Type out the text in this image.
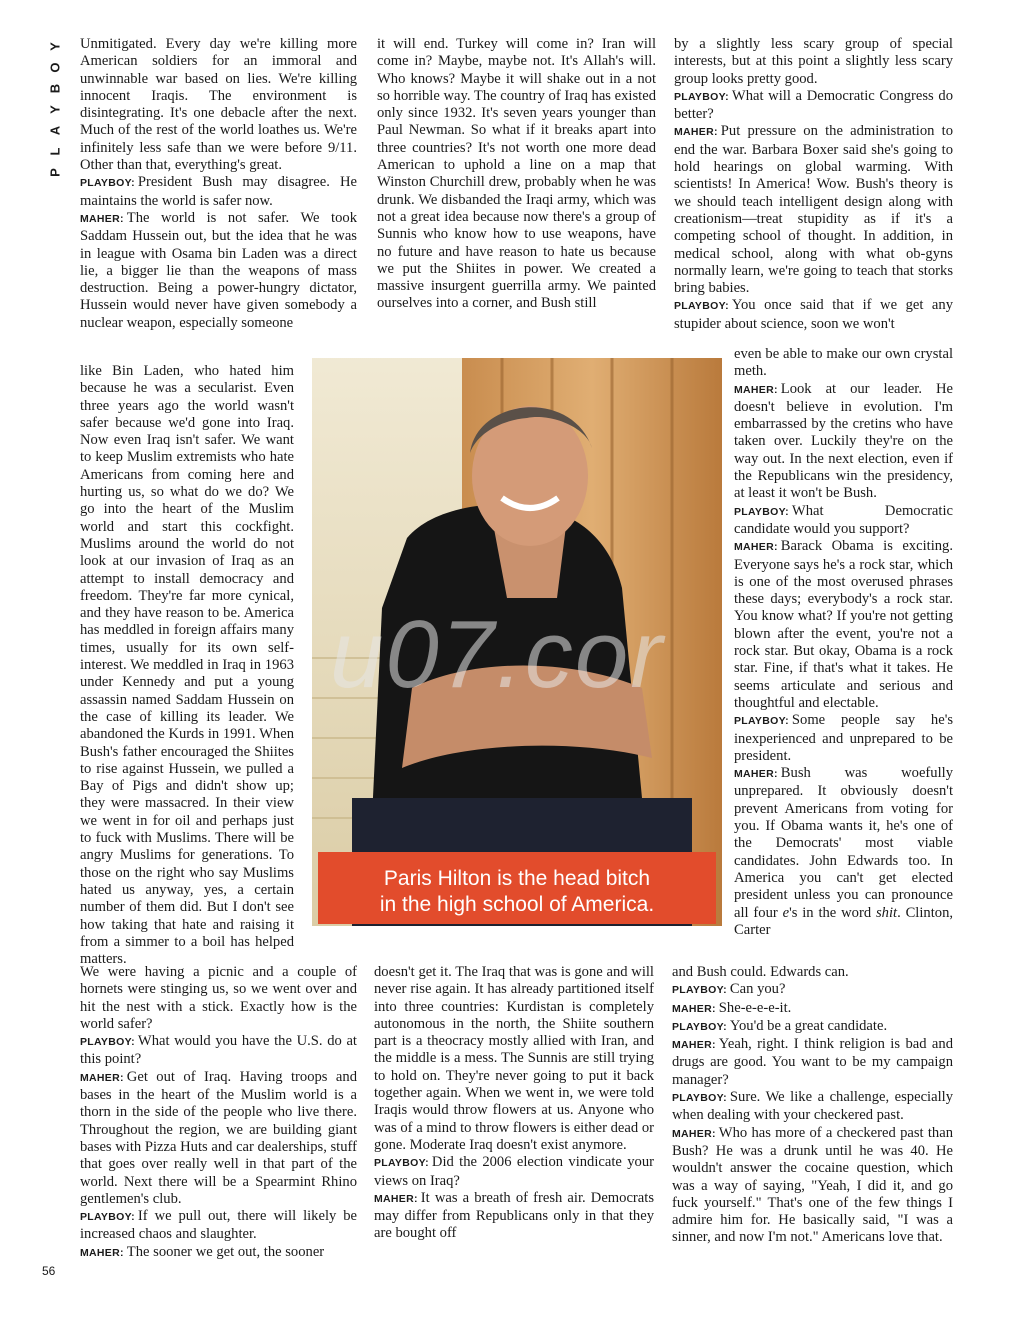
Y
O
B
Y
A
L
P

Unmitigated. Every day we're killing more American soldiers for an immoral and unwinnable war based on lies. We're killing innocent Iraqis. The environment is disintegrating. It's one debacle after the next. Much of the rest of the world loathes us. We're infinitely less safe than we were before 9/11. Other than that, everything's great.

PLAYBOY: President Bush may disagree. He maintains the world is safer now.

MAHER: The world is not safer. We took Saddam Hussein out, but the idea that he was in league with Osama bin Laden was a direct lie, a bigger lie than the weapons of mass destruction. Being a power-hungry dictator, Hussein would never have given somebody a nuclear weapon, especially someone

like Bin Laden, who hated him because he was a secularist. Even three years ago the world wasn't safer because we'd gone into Iraq. Now even Iraq isn't safer. We want to keep Muslim extremists who hate Americans from coming here and hurting us, so what do we do? We go into the heart of the Muslim world and start this cockfight. Muslims around the world do not look at our invasion of Iraq as an attempt to install democracy and freedom. They're far more cynical, and they have reason to be. America has meddled in foreign affairs many times, usually for its own self-interest. We meddled in Iraq in 1963 under Kennedy and put a young assassin named Saddam Hussein on the case of killing its leader. We abandoned the Kurds in 1991. When Bush's father encouraged the Shiites to rise against Hussein, we pulled a Bay of Pigs and didn't show up; they were massacred. In their view we went in for oil and perhaps just to fuck with Muslims. There will be angry Muslims for generations. To those on the right who say Muslims hated us anyway, yes, a certain number of them did. But I don't see how taking that hate and raising it from a simmer to a boil has helped matters.

We were having a picnic and a couple of hornets were stinging us, so we went over and hit the nest with a stick. Exactly how is the world safer?

PLAYBOY: What would you have the U.S. do at this point?

MAHER: Get out of Iraq. Having troops and bases in the heart of the Muslim world is a thorn in the side of the people who live there. Throughout the region, we are building giant bases with Pizza Huts and car dealerships, stuff that goes over really well in that part of the world. Next there will be a Spearmint Rhino gentlemen's club.

PLAYBOY: If we pull out, there will likely be increased chaos and slaughter.

MAHER: The sooner we get out, the sooner

it will end. Turkey will come in? Iran will come in? Maybe, maybe not. It's Allah's will. Who knows? Maybe it will shake out in a not so horrible way. The country of Iraq has existed only since 1932. It's seven years younger than Paul Newman. So what if it breaks apart into three countries? It's not worth one more dead American to uphold a line on a map that Winston Churchill drew, probably when he was drunk. We disbanded the Iraqi army, which was not a great idea because now there's a group of Sunnis who know how to use weapons, have no future and have reason to hate us because we put the Shiites in power. We created a massive insurgent guerrilla army. We painted ourselves into a corner, and Bush still

doesn't get it. The Iraq that was is gone and will never rise again. It has already partitioned itself into three countries: Kurdistan is completely autonomous in the north, the Shiite southern part is a theocracy mostly allied with Iran, and the middle is a mess. The Sunnis are still trying to hold on. They're never going to put it back together again. When we went in, we were told Iraqis would throw flowers at us. Anyone who was of a mind to throw flowers is either dead or gone. Moderate Iraq doesn't exist anymore.

PLAYBOY: Did the 2006 election vindicate your views on Iraq?

MAHER: It was a breath of fresh air. Democrats may differ from Republicans only in that they are bought off

by a slightly less scary group of special interests, but at this point a slightly less scary group looks pretty good.

PLAYBOY: What will a Democratic Congress do better?

MAHER: Put pressure on the administration to end the war. Barbara Boxer said she's going to hold hearings on global warming. With scientists! In America! Wow. Bush's theory is we should teach intelligent design along with creationism—treat stupidity as if it's a competing school of thought. In addition, in medical school, along with what ob-gyns normally learn, we're going to teach that storks bring babies.

PLAYBOY: You once said that if we get any stupider about science, soon we won't

even be able to make our own crystal meth.

MAHER: Look at our leader. He doesn't believe in evolution. I'm embarrassed by the cretins who have taken over. Luckily they're on the way out. In the next election, even if the Republicans win the presidency, at least it won't be Bush.

PLAYBOY: What Democratic candidate would you support?

MAHER: Barack Obama is exciting. Everyone says he's a rock star, which is one of the most overused phrases these days; everybody's a rock star. You know what? If you're not getting blown after the event, you're not a rock star. But okay, Obama is a rock star. Fine, if that's what it takes. He seems articulate and serious and thoughtful and electable.

PLAYBOY: Some people say he's inexperienced and unprepared to be president.

MAHER: Bush was woefully unprepared. It obviously doesn't prevent Americans from voting for you. If Obama wants it, he's one of the Democrats' most viable candidates. John Edwards too. In America you can't get elected president unless you can pronounce all four e's in the word shit. Clinton, Carter

and Bush could. Edwards can.

PLAYBOY: Can you?

MAHER: She-e-e-e-it.

PLAYBOY: You'd be a great candidate.

MAHER: Yeah, right. I think religion is bad and drugs are good. You want to be my campaign manager?

PLAYBOY: Sure. We like a challenge, especially when dealing with your checkered past.

MAHER: Who has more of a checkered past than Bush? He was a drunk until he was 40. He wouldn't answer the cocaine question, which was a way of saying, "Yeah, I did it, and go fuck yourself." That's one of the few things I admire him for. He basically said, "I was a sinner, and now I'm not." Americans love that.

u07.cor
Paris Hilton is the head bitch
in the high school of America.
56
